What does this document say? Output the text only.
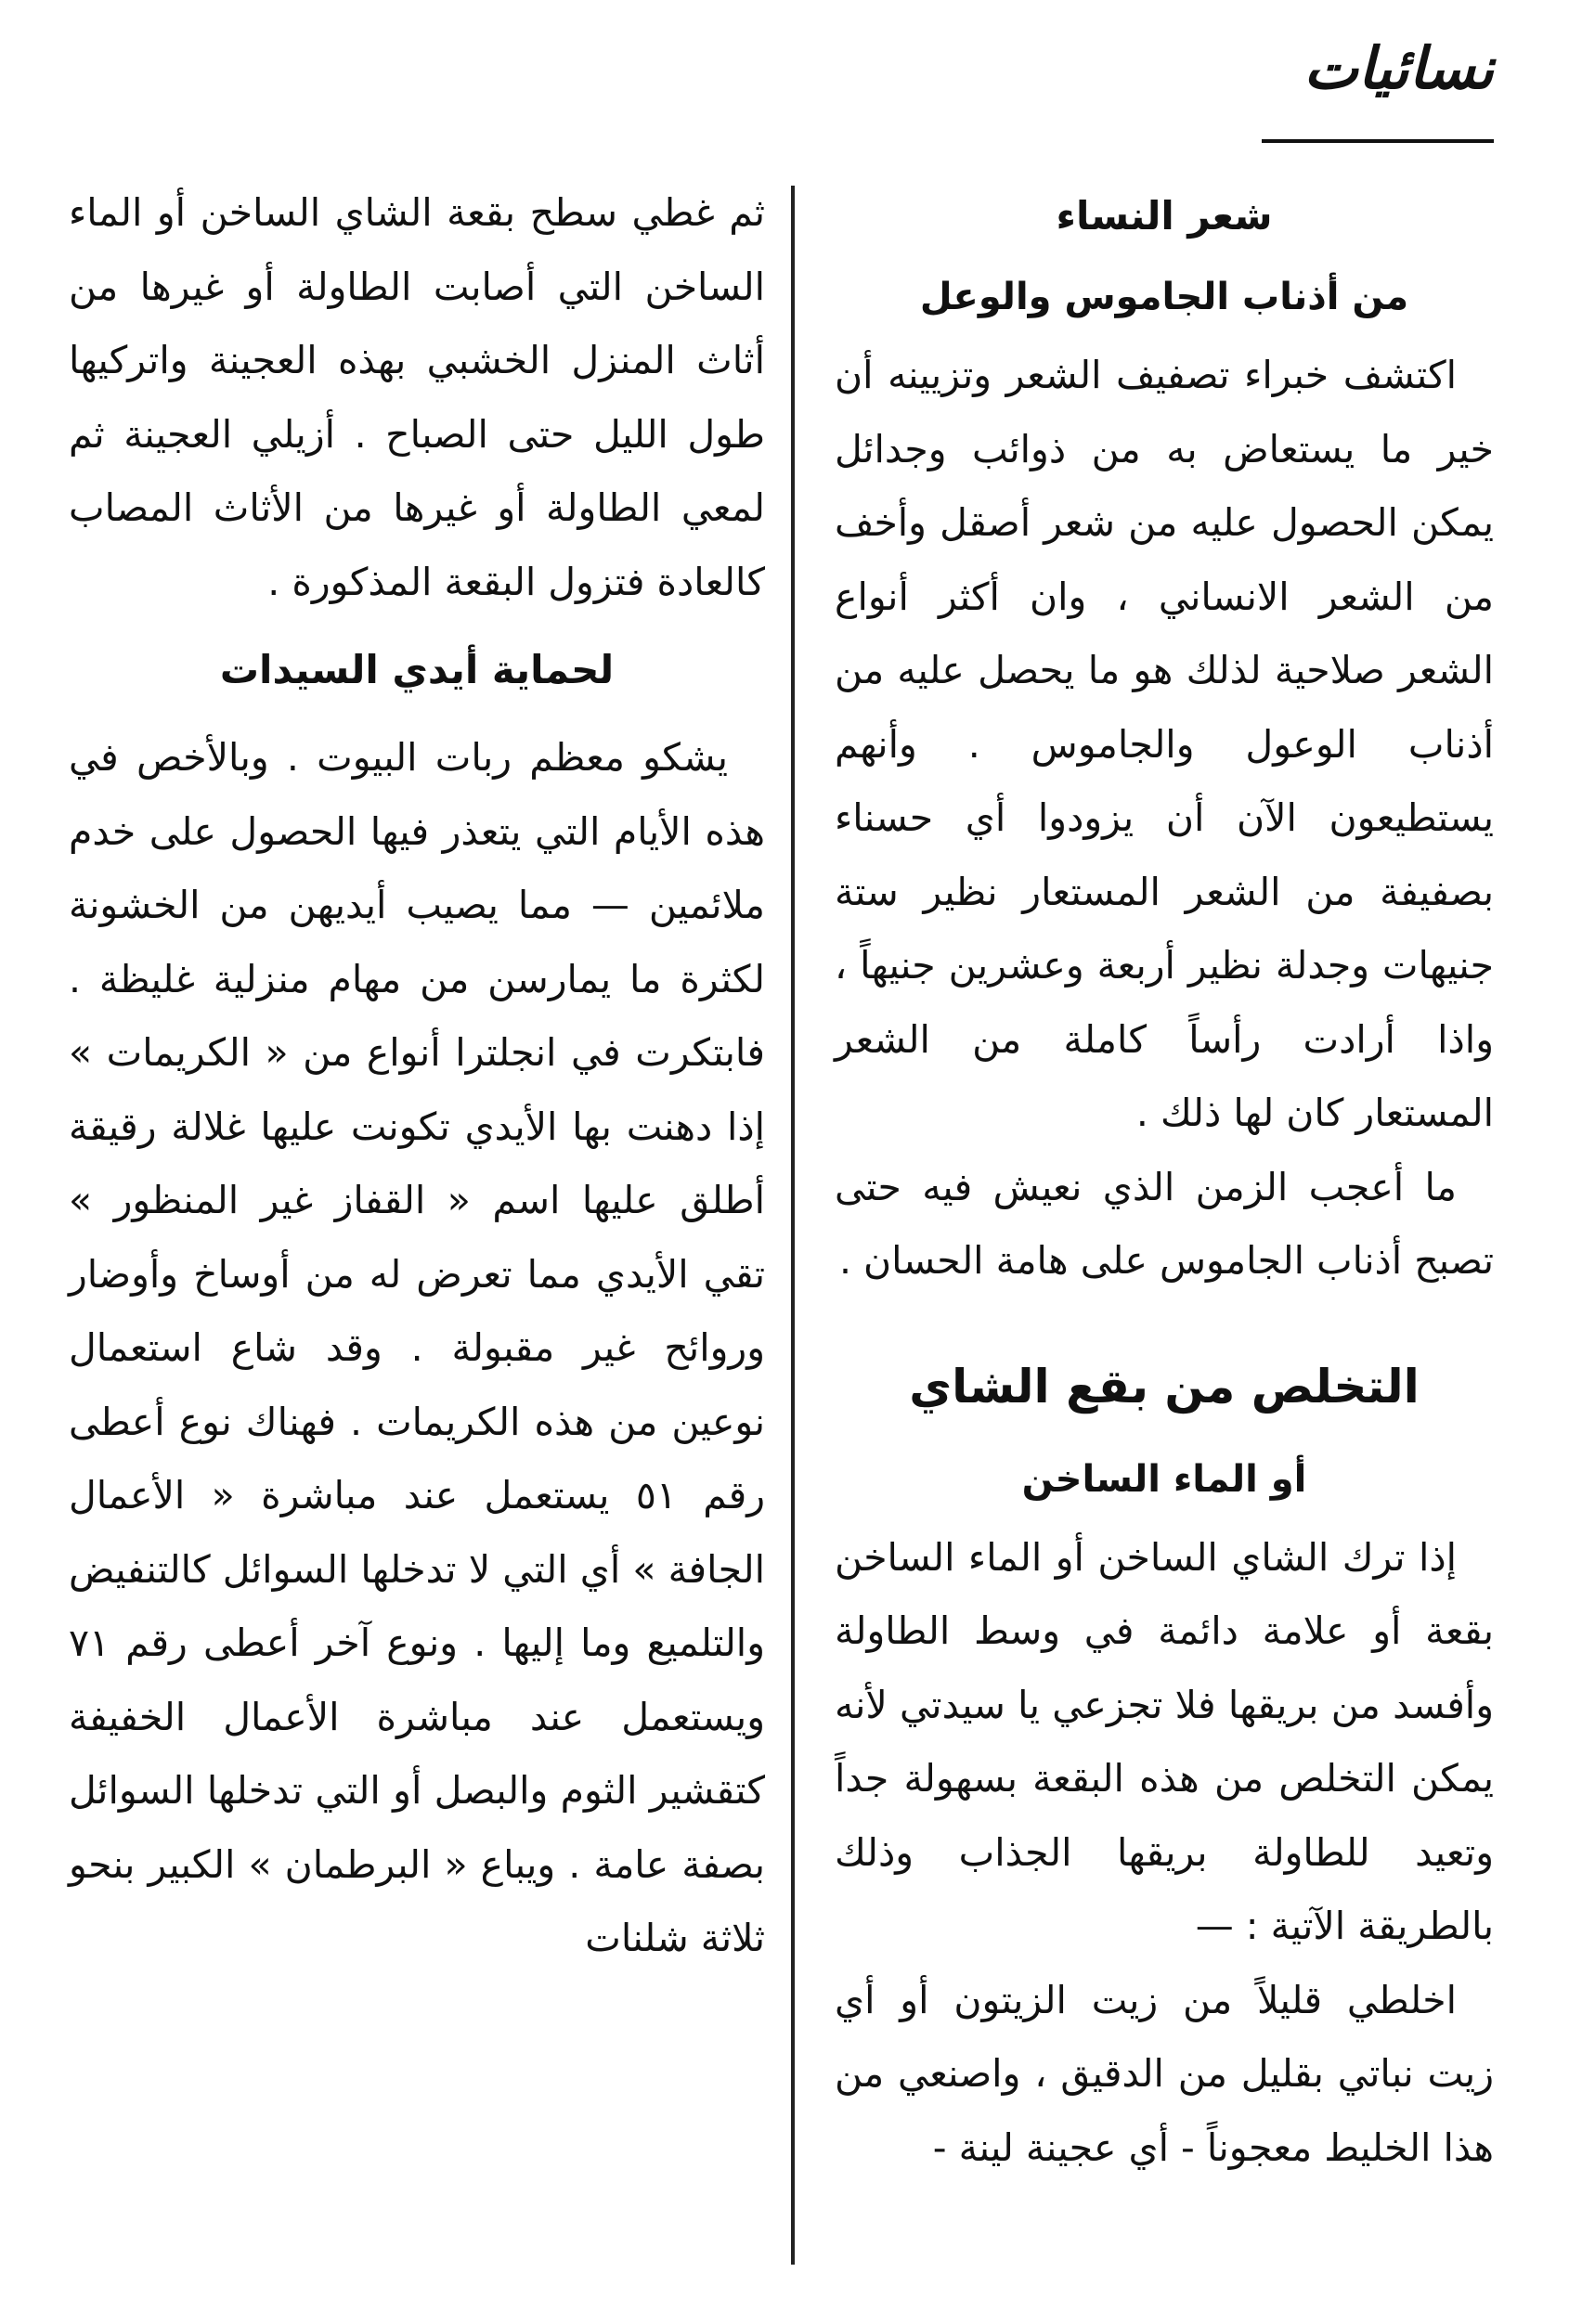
نسائيات
شعر النساء
من أذناب الجاموس والوعل

اكتشف خبراء تصفيف الشعر وتزيينه أن خير ما يستعاض به من ذوائب وجدائل يمكن الحصول عليه من شعر أصقل وأخف من الشعر الانساني ، وان أكثر أنواع الشعر صلاحية لذلك هو ما يحصل عليه من أذناب الوعول والجاموس . وأنهم يستطيعون الآن أن يزودوا أي حسناء بصفيفة من الشعر المستعار نظير ستة جنيهات وجدلة نظير أربعة وعشرين جنيهاً ، واذا أرادت رأساً كاملة من الشعر المستعار كان لها ذلك .

ما أعجب الزمن الذي نعيش فيه حتى تصبح أذناب الجاموس على هامة الحسان .

التخلص من بقع الشاي
أو الماء الساخن

إذا ترك الشاي الساخن أو الماء الساخن بقعة أو علامة دائمة في وسط الطاولة وأفسد من بريقها فلا تجزعي يا سيدتي لأنه يمكن التخلص من هذه البقعة بسهولة جداً وتعيد للطاولة بريقها الجذاب وذلك بالطريقة الآتية : —

اخلطي قليلاً من زيت الزيتون أو أي زيت نباتي بقليل من الدقيق ، واصنعي من هذا الخليط معجوناً - أي عجينة لينة -

ثم غطي سطح بقعة الشاي الساخن أو الماء الساخن التي أصابت الطاولة أو غيرها من أثاث المنزل الخشبي بهذه العجينة واتركيها طول الليل حتى الصباح . أزيلي العجينة ثم لمعي الطاولة أو غيرها من الأثاث المصاب كالعادة فتزول البقعة المذكورة .

لحماية أيدي السيدات

يشكو معظم ربات البيوت . وبالأخص في هذه الأيام التي يتعذر فيها الحصول على خدم ملائمين — مما يصيب أيديهن من الخشونة لكثرة ما يمارسن من مهام منزلية غليظة . فابتكرت في انجلترا أنواع من « الكريمات » إذا دهنت بها الأيدي تكونت عليها غلالة رقيقة أطلق عليها اسم « القفاز غير المنظور » تقي الأيدي مما تعرض له من أوساخ وأوضار وروائح غير مقبولة . وقد شاع استعمال نوعين من هذه الكريمات . فهناك نوع أعطى رقم ٥١ يستعمل عند مباشرة « الأعمال الجافة » أي التي لا تدخلها السوائل كالتنفيض والتلميع وما إليها . ونوع آخر أعطى رقم ٧١ ويستعمل عند مباشرة الأعمال الخفيفة كتقشير الثوم والبصل أو التي تدخلها السوائل بصفة عامة . ويباع « البرطمان » الكبير بنحو ثلاثة شلنات
